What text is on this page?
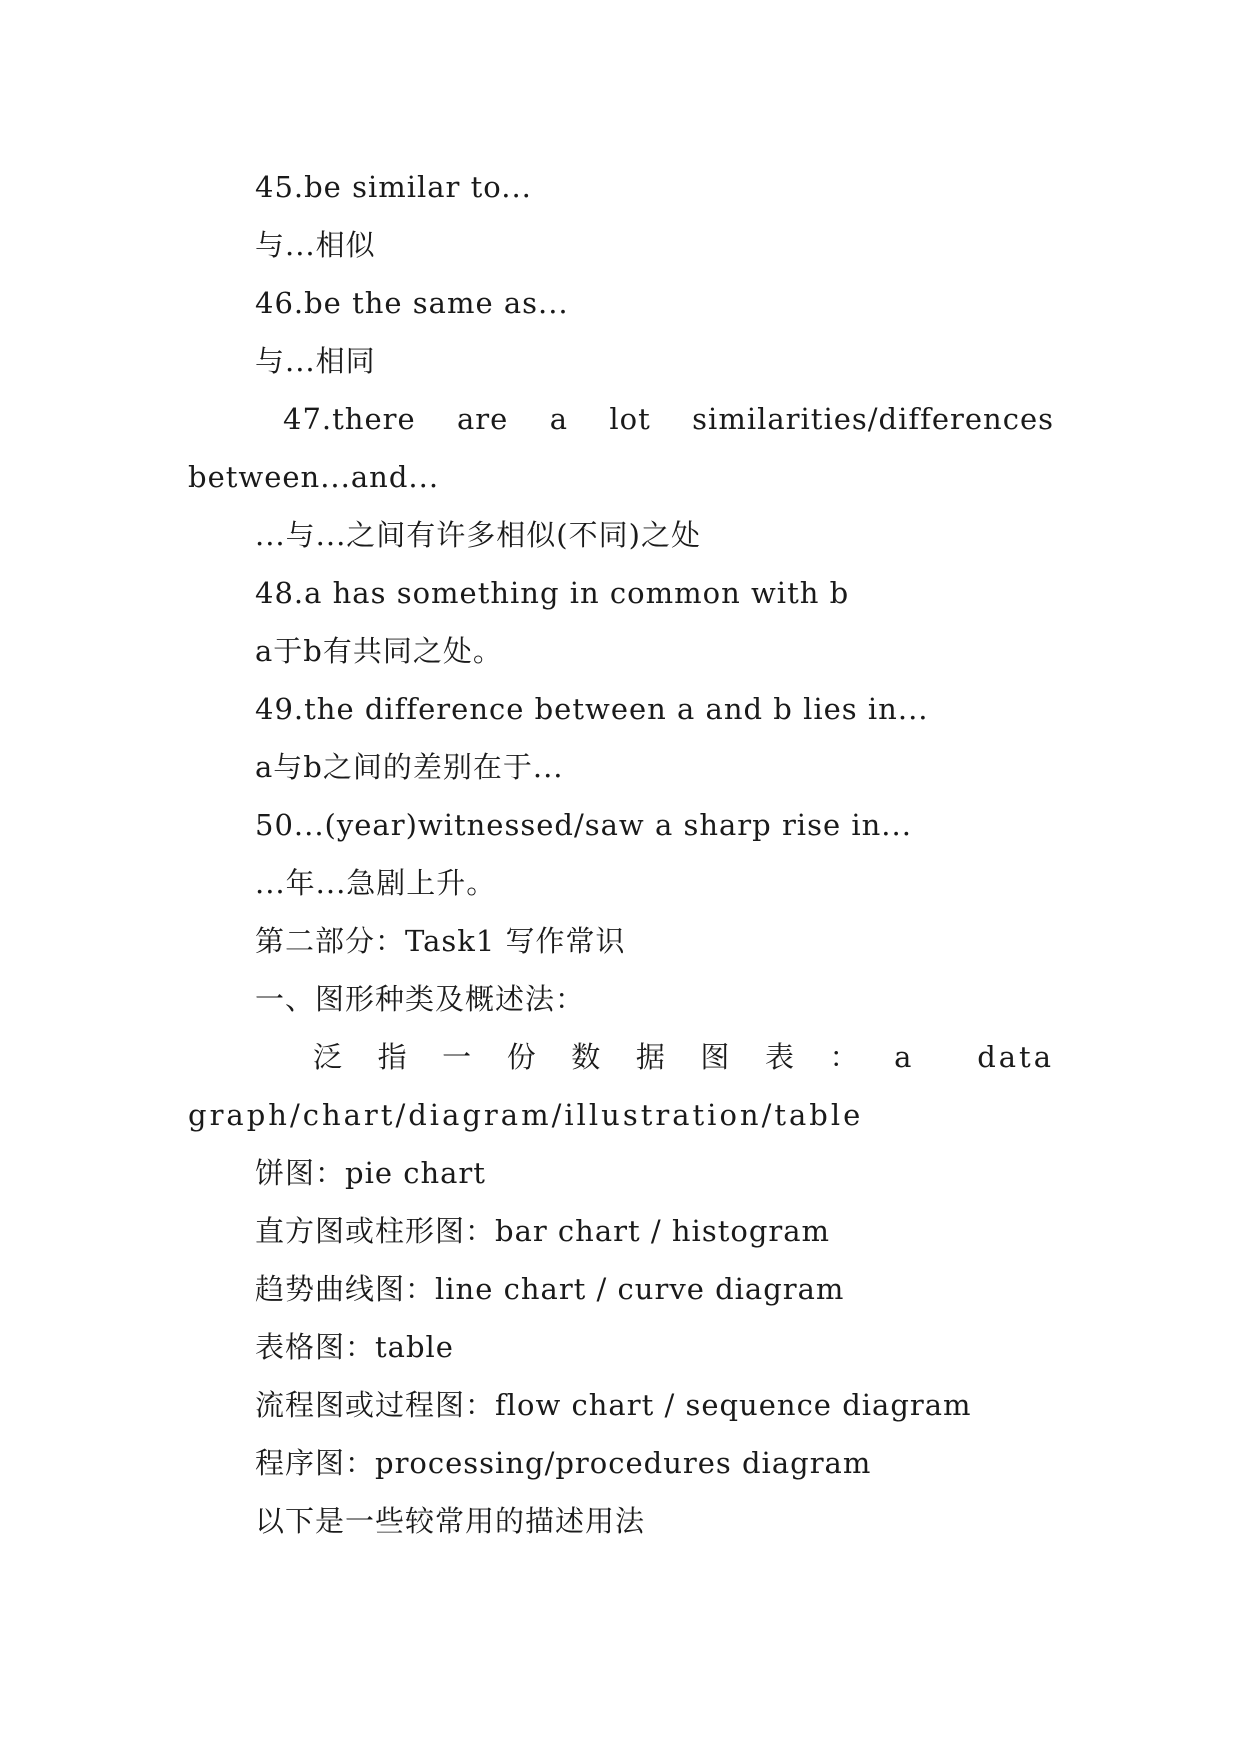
45.be similar to...

与...相似

46.be the same as...

与...相同

47.there are a lot similarities/differences between...and...

...与...之间有许多相似(不同)之处

48.a has something in common with b

a于b有共同之处。

49.the difference between a and b lies in...

a与b之间的差别在于...

50...(year)witnessed/saw a sharp rise in...

...年...急剧上升。

第二部分：Task1 写作常识

一、图形种类及概述法：

泛指一份数据图表：a data graph/chart/diagram/illustration/table

饼图：pie chart

直方图或柱形图：bar chart / histogram

趋势曲线图：line chart / curve diagram

表格图：table

流程图或过程图：flow chart / sequence diagram

程序图：processing/procedures diagram

以下是一些较常用的描述用法
